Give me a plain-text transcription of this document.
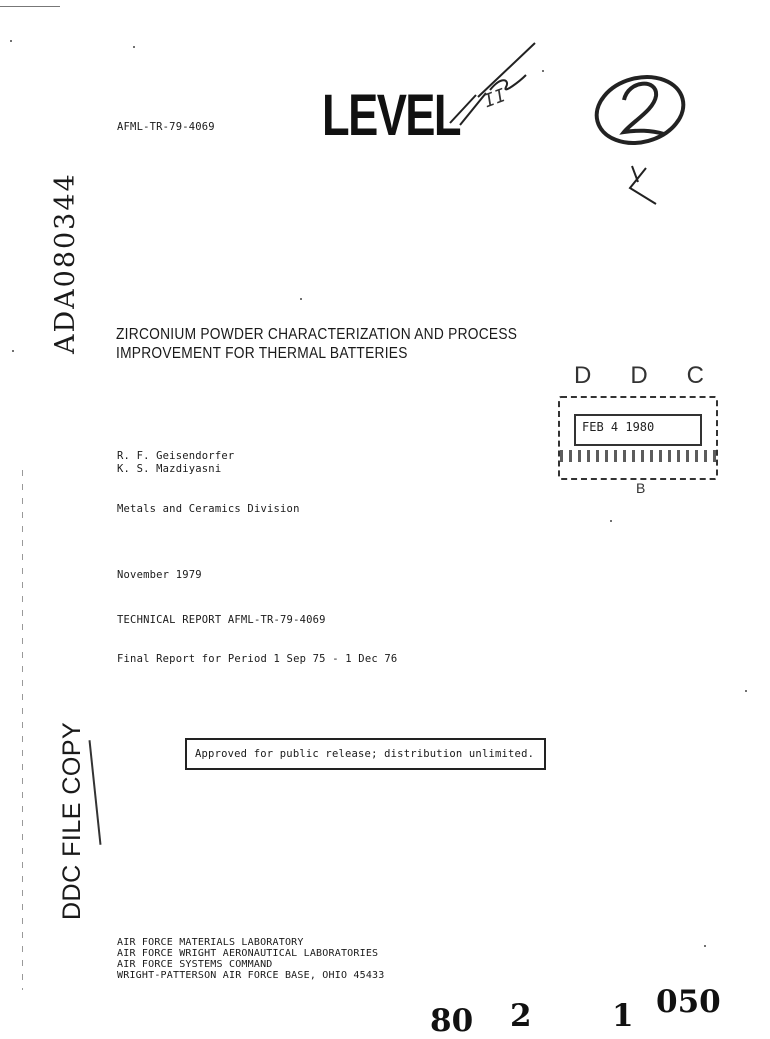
AFML-TR-79-4069 LEVEL II
ADA080344 ZIRCONIUM POWDER CHARACTERIZATION AND PROCESS
IMPROVEMENT FOR THERMAL BATTERIES
R. F. Geisendorfer
K. S. Mazdiyasni
Metals and Ceramics Division
November 1979
TECHNICAL REPORT AFML-TR-79-4069
Final Report for Period 1 Sep 75 - 1 Dec 76
D D C
FEB 4 1980
B
Approved for public release; distribution unlimited.
DDC FILE COPY
AIR FORCE MATERIALS LABORATORY
AIR FORCE WRIGHT AERONAUTICAL LABORATORIES
AIR FORCE SYSTEMS COMMAND
WRIGHT-PATTERSON AIR FORCE BASE, OHIO 45433
80 2	1 050
